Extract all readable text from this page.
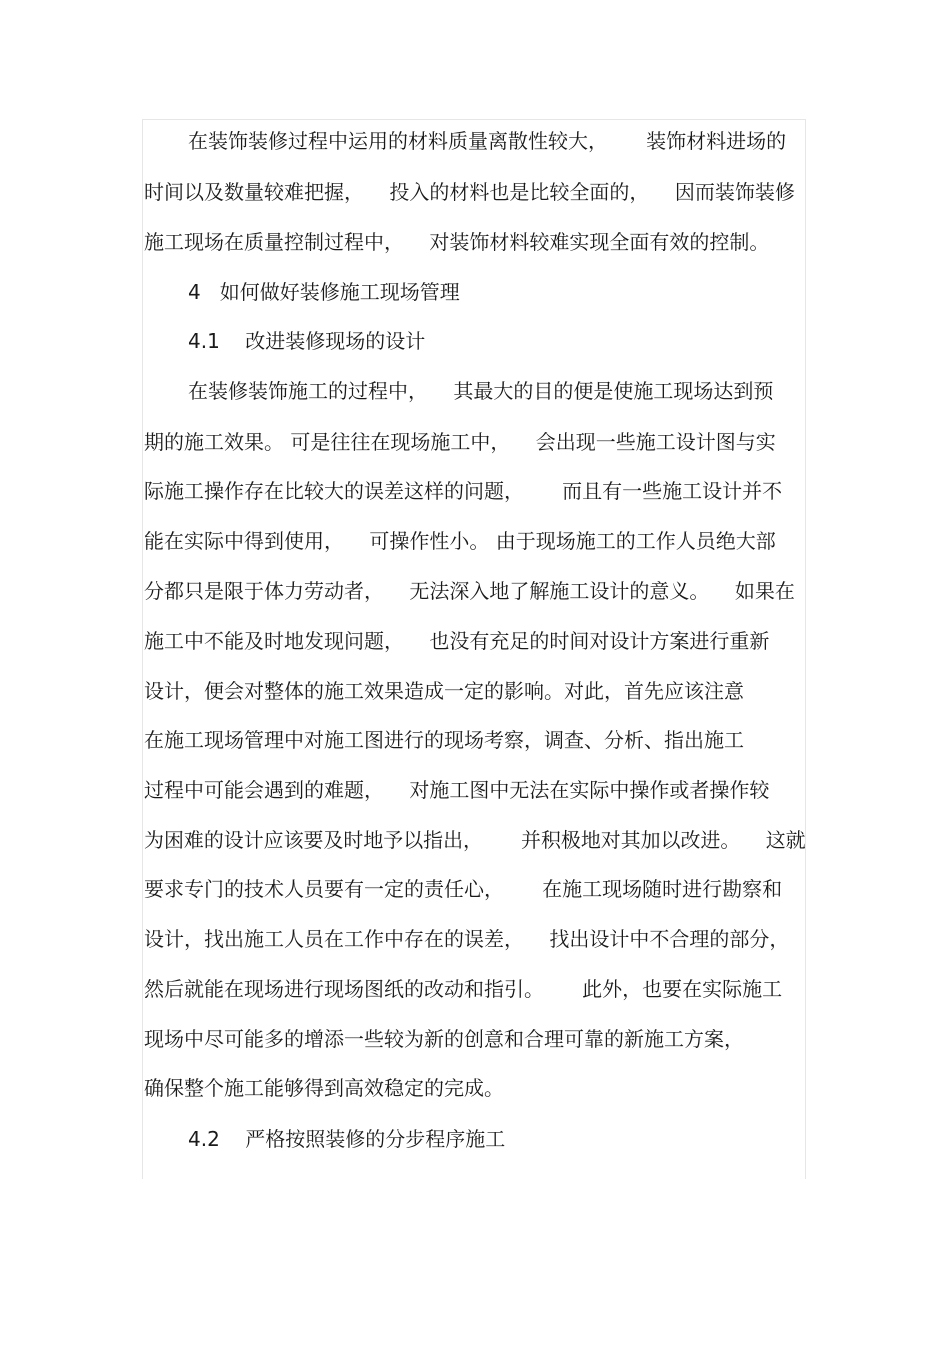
在装饰装修过程中运用的材料质量离散性较大，      装饰材料进场的
时间以及数量较难把握，    投入的材料也是比较全面的，    因而装饰装修
施工现场在质量控制过程中，    对装饰材料较难实现全面有效的控制。
4   如何做好装修施工现场管理
4.1    改进装修现场的设计
在装修装饰施工的过程中，    其最大的目的便是使施工现场达到预
期的施工效果。 可是往往在现场施工中，    会出现一些施工设计图与实
际施工操作存在比较大的误差这样的问题，      而且有一些施工设计并不
能在实际中得到使用，    可操作性小。 由于现场施工的工作人员绝大部
分都只是限于体力劳动者，    无法深入地了解施工设计的意义。    如果在
施工中不能及时地发现问题，    也没有充足的时间对设计方案进行重新
设计，便会对整体的施工效果造成一定的影响。对此，首先应该注意
在施工现场管理中对施工图进行的现场考察，调查、分析、指出施工
过程中可能会遇到的难题，    对施工图中无法在实际中操作或者操作较
为困难的设计应该要及时地予以指出，      并积极地对其加以改进。    这就
要求专门的技术人员要有一定的责任心，      在施工现场随时进行勘察和
设计，找出施工人员在工作中存在的误差，    找出设计中不合理的部分，
然后就能在现场进行现场图纸的改动和指引。      此外，也要在实际施工
现场中尽可能多的增添一些较为新的创意和合理可靠的新施工方案，
确保整个施工能够得到高效稳定的完成。
4.2    严格按照装修的分步程序施工
